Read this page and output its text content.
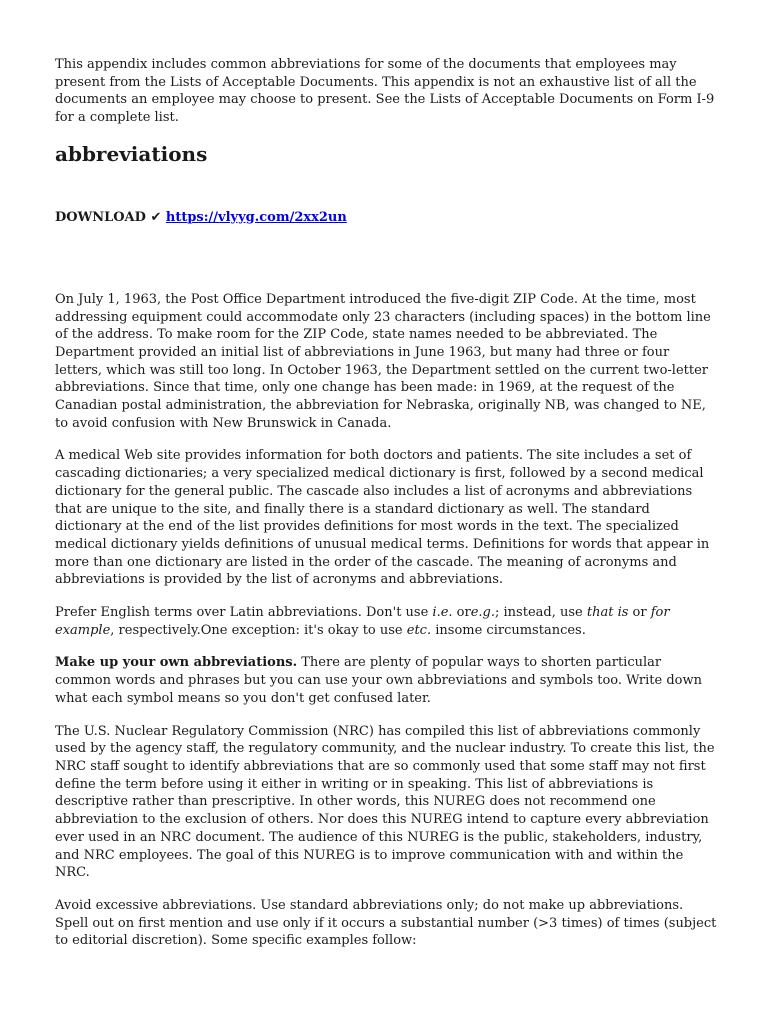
This appendix includes common abbreviations for some of the documents that employees may present from the Lists of Acceptable Documents. This appendix is not an exhaustive list of all the documents an employee may choose to present. See the Lists of Acceptable Documents on Form I-9 for a complete list.

abbreviations
DOWNLOAD ✔ https://vlyyg.com/2xx2un

On July 1, 1963, the Post Office Department introduced the five-digit ZIP Code. At the time, most addressing equipment could accommodate only 23 characters (including spaces) in the bottom line of the address. To make room for the ZIP Code, state names needed to be abbreviated. The Department provided an initial list of abbreviations in June 1963, but many had three or four letters, which was still too long. In October 1963, the Department settled on the current two-letter abbreviations. Since that time, only one change has been made: in 1969, at the request of the Canadian postal administration, the abbreviation for Nebraska, originally NB, was changed to NE, to avoid confusion with New Brunswick in Canada.

A medical Web site provides information for both doctors and patients. The site includes a set of cascading dictionaries; a very specialized medical dictionary is first, followed by a second medical dictionary for the general public. The cascade also includes a list of acronyms and abbreviations that are unique to the site, and finally there is a standard dictionary as well. The standard dictionary at the end of the list provides definitions for most words in the text. The specialized medical dictionary yields definitions of unusual medical terms. Definitions for words that appear in more than one dictionary are listed in the order of the cascade. The meaning of acronyms and abbreviations is provided by the list of acronyms and abbreviations.

Prefer English terms over Latin abbreviations. Don't use i.e. ore.g.; instead, use that is or for example, respectively.One exception: it's okay to use etc. insome circumstances.

Make up your own abbreviations. There are plenty of popular ways to shorten particular common words and phrases but you can use your own abbreviations and symbols too. Write down what each symbol means so you don't get confused later.

The U.S. Nuclear Regulatory Commission (NRC) has compiled this list of abbreviations commonly used by the agency staff, the regulatory community, and the nuclear industry. To create this list, the NRC staff sought to identify abbreviations that are so commonly used that some staff may not first define the term before using it either in writing or in speaking. This list of abbreviations is descriptive rather than prescriptive. In other words, this NUREG does not recommend one abbreviation to the exclusion of others. Nor does this NUREG intend to capture every abbreviation ever used in an NRC document. The audience of this NUREG is the public, stakeholders, industry, and NRC employees. The goal of this NUREG is to improve communication with and within the NRC.

Avoid excessive abbreviations. Use standard abbreviations only; do not make up abbreviations. Spell out on first mention and use only if it occurs a substantial number (>3 times) of times (subject to editorial discretion). Some specific examples follow:
